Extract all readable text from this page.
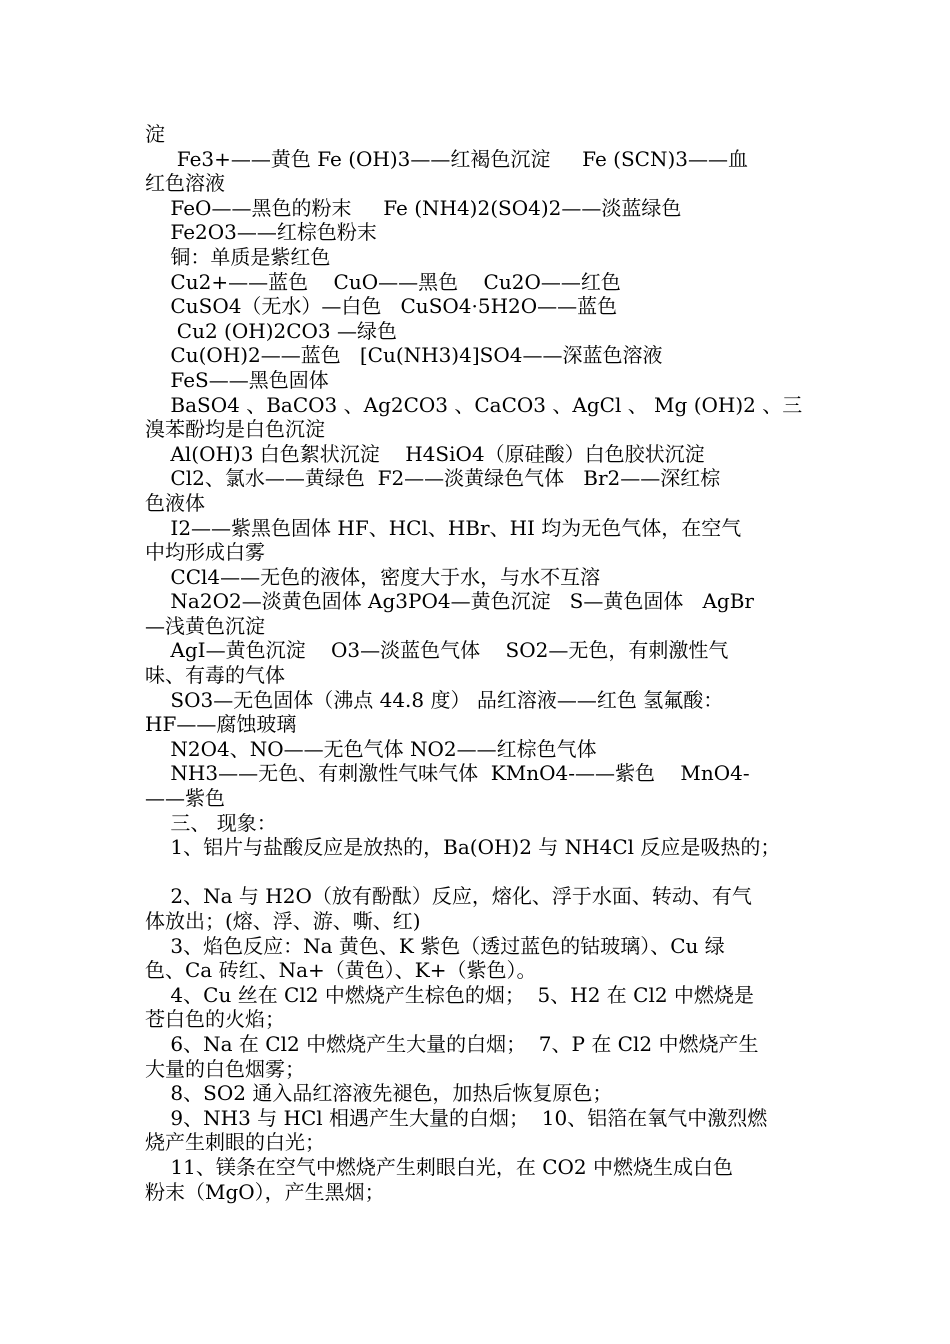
淀
Fe3+——黄色 Fe (OH)3——红褐色沉淀     Fe (SCN)3——血
红色溶液
FeO——黑色的粉末     Fe (NH4)2(SO4)2——淡蓝绿色
Fe2O3——红棕色粉末
铜：单质是紫红色
Cu2+——蓝色    CuO——黑色    Cu2O——红色
CuSO4（无水）—白色   CuSO4·5H2O——蓝色
Cu2 (OH)2CO3 —绿色
Cu(OH)2——蓝色   [Cu(NH3)4]SO4——深蓝色溶液
FeS——黑色固体
BaSO4 、BaCO3 、Ag2CO3 、CaCO3 、AgCl 、 Mg (OH)2 、三
溴苯酚均是白色沉淀
Al(OH)3 白色絮状沉淀    H4SiO4（原硅酸）白色胶状沉淀
Cl2、氯水——黄绿色  F2——淡黄绿色气体   Br2——深红棕
色液体
I2——紫黑色固体 HF、HCl、HBr、HI 均为无色气体，在空气
中均形成白雾
CCl4——无色的液体，密度大于水，与水不互溶
Na2O2—淡黄色固体 Ag3PO4—黄色沉淀   S—黄色固体   AgBr
—浅黄色沉淀
AgI—黄色沉淀    O3—淡蓝色气体    SO2—无色，有刺激性气
味、有毒的气体
SO3—无色固体（沸点 44.8 度） 品红溶液——红色 氢氟酸：
HF——腐蚀玻璃
N2O4、NO——无色气体 NO2——红棕色气体
NH3——无色、有刺激性气味气体  KMnO4-——紫色    MnO4-
——紫色
三、 现象：
1、铝片与盐酸反应是放热的，Ba(OH)2 与 NH4Cl 反应是吸热的；
2、Na 与 H2O（放有酚酞）反应，熔化、浮于水面、转动、有气
体放出；(熔、浮、游、嘶、红)
3、焰色反应：Na 黄色、K 紫色（透过蓝色的钴玻璃）、Cu 绿
色、Ca 砖红、Na+（黄色）、K+（紫色）。
4、Cu 丝在 Cl2 中燃烧产生棕色的烟；  5、H2 在 Cl2 中燃烧是
苍白色的火焰；
6、Na 在 Cl2 中燃烧产生大量的白烟；  7、P 在 Cl2 中燃烧产生
大量的白色烟雾；
8、SO2 通入品红溶液先褪色，加热后恢复原色；
9、NH3 与 HCl 相遇产生大量的白烟；  10、铝箔在氧气中激烈燃
烧产生刺眼的白光；
11、镁条在空气中燃烧产生刺眼白光，在 CO2 中燃烧生成白色
粉末（MgO），产生黑烟；
